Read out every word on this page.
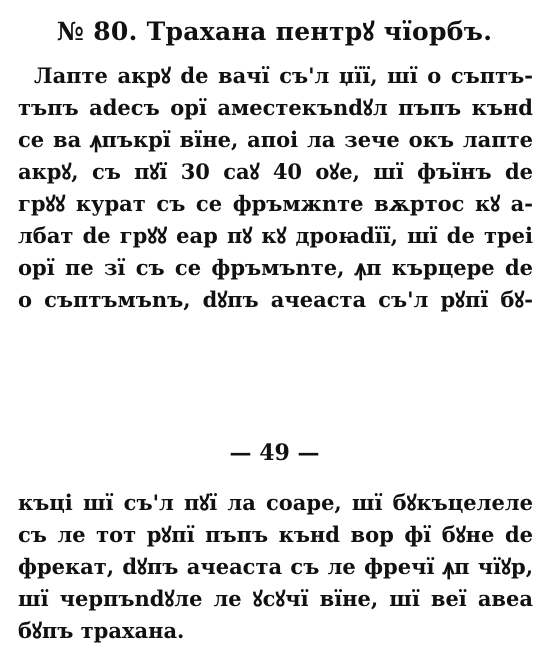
№ 80. Трахана пентрꙋ чїорбъ.
Лапте акрꙋ de вачї съ'л џїї, шї о съптъ-
тъпъ аdесъ орї аместекъndꙋл пъпъ кънd
се ва ꙟпъкрї вїне, апоі ла зече окъ лапте
акрꙋ, съ пꙋї 30 саꙋ 40 оꙋе, шї фъїнъ de
грꙋꙋ курат съ се фръмжnте вѫртос кꙋ а-
лбат de грꙋꙋ еар пꙋ кꙋ дроꙗdїї, шї de треі
орї пе зї съ се фръмъnте, ꙟп кърцере de
о съптъмъnъ, dꙋпъ ачеаста съ'л рꙋпї бꙋ-
— 49 —
къці шї съ'л пꙋї ла соаре, шї бꙋкъцелеле
съ ле тот рꙋпї пъпъ кънd вор фї бꙋне de
фрекат, dꙋпъ ачеаста съ ле фречї ꙟп чїꙋр,
шї черпъndꙋле ле ꙋсꙋчї вїне, шї веї авеа
бꙋпъ трахана.
